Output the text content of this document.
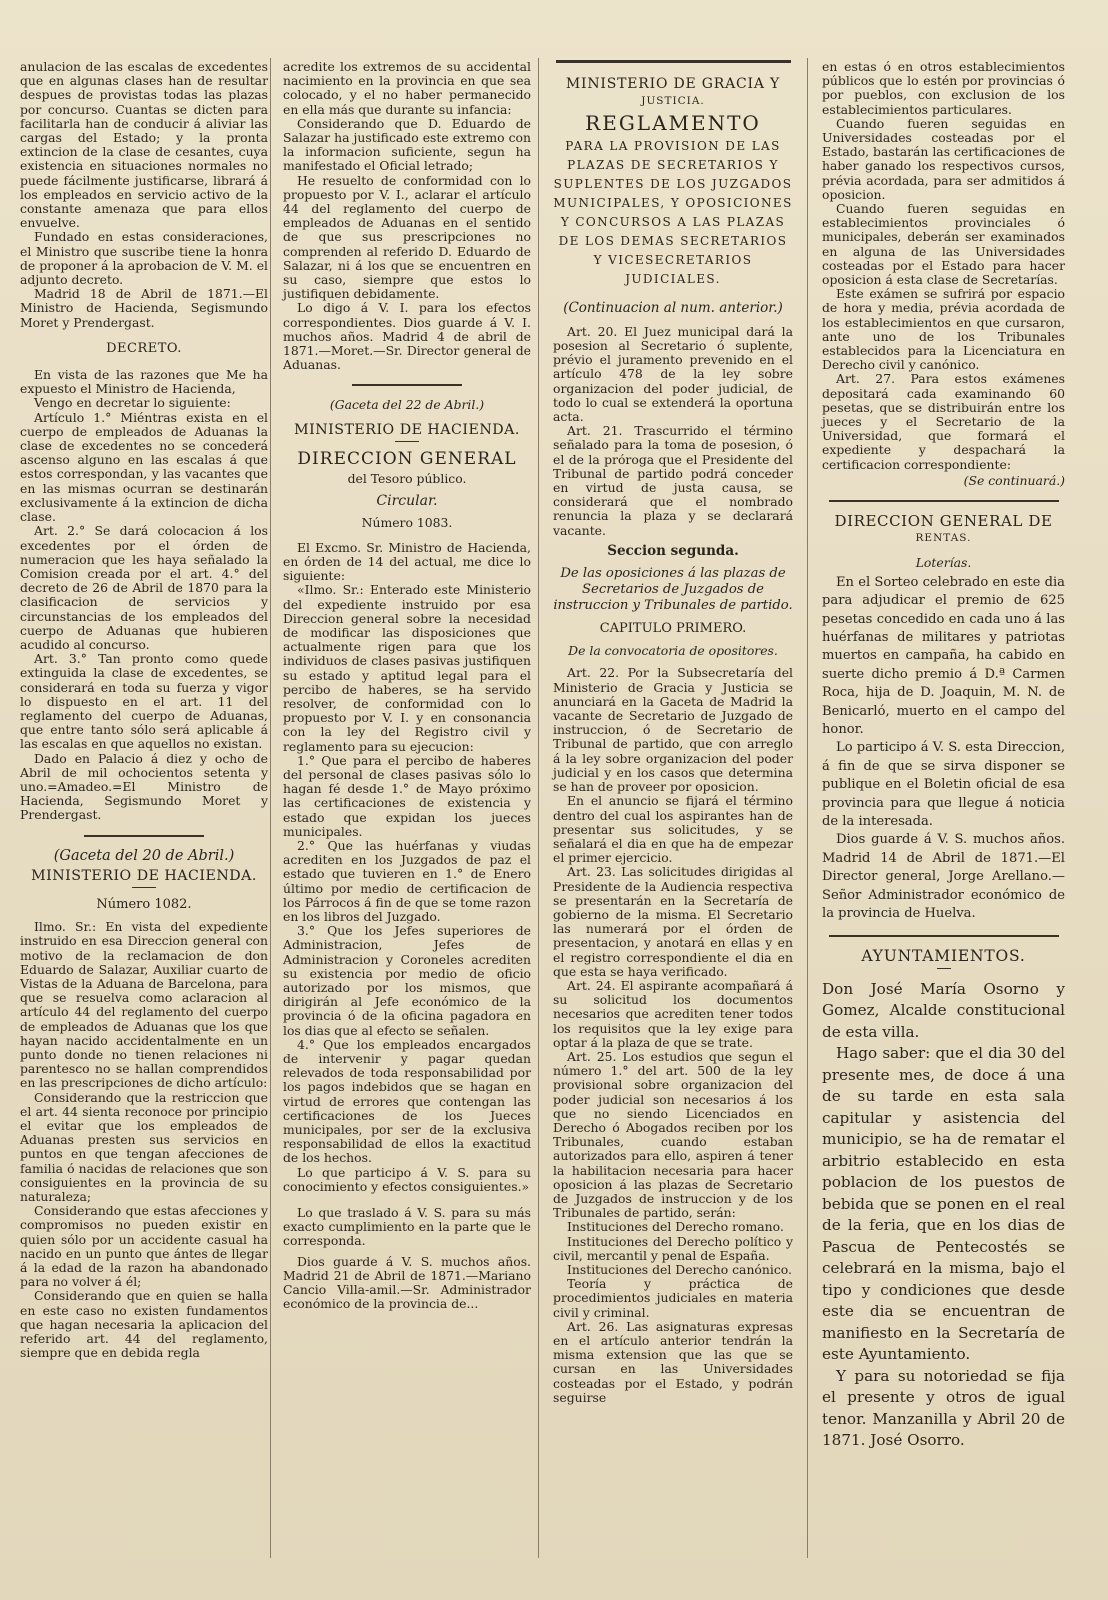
anulacion de las escalas de excedentes que en algunas clases han de resultar despues de provistas todas las plazas por concurso. Cuantas se dicten para facilitarla han de conducir á aliviar las cargas del Estado; y la pronta extincion de la clase de cesantes, cuya existencia en situaciones normales no puede fácilmente justificarse, librará á los empleados en servicio activo de la constante amenaza que para ellos envuelve.

Fundado en estas consideraciones, el Ministro que suscribe tiene la honra de proponer á la aprobacion de V. M. el adjunto decreto.

Madrid 18 de Abril de 1871.—El Ministro de Hacienda, Segismundo Moret y Prendergast.

DECRETO.

En vista de las razones que Me ha expuesto el Ministro de Hacienda,

Vengo en decretar lo siguiente:

Artículo 1.° Miéntras exista en el cuerpo de empleados de Aduanas la clase de excedentes no se concederá ascenso alguno en las escalas á que estos correspondan, y las vacantes que en las mismas ocurran se destinarán exclusivamente á la extincion de dicha clase.

Art. 2.° Se dará colocacion á los excedentes por el órden de numeracion que les haya señalado la Comision creada por el art. 4.° del decreto de 26 de Abril de 1870 para la clasificacion de servicios y circunstancias de los empleados del cuerpo de Aduanas que hubieren acudido al concurso.

Art. 3.° Tan pronto como quede extinguida la clase de excedentes, se considerará en toda su fuerza y vigor lo dispuesto en el art. 11 del reglamento del cuerpo de Aduanas, que entre tanto sólo será aplicable á las escalas en que aquellos no existan.

Dado en Palacio á diez y ocho de Abril de mil ochocientos setenta y uno.=Amadeo.=El Ministro de Hacienda, Segismundo Moret y Prendergast.

(Gaceta del 20 de Abril.)
MINISTERIO DE HACIENDA.
Número 1082.

Ilmo. Sr.: En vista del expediente instruido en esa Direccion general con motivo de la reclamacion de don Eduardo de Salazar, Auxiliar cuarto de Vistas de la Aduana de Barcelona, para que se resuelva como aclaracion al artículo 44 del reglamento del cuerpo de empleados de Aduanas que los que hayan nacido accidentalmente en un punto donde no tienen relaciones ni parentesco no se hallan comprendidos en las prescripciones de dicho artículo:

Considerando que la restriccion que el art. 44 sienta reconoce por principio el evitar que los empleados de Aduanas presten sus servicios en puntos en que tengan afecciones de familia ó nacidas de relaciones que son consiguientes en la provincia de su naturaleza;

Considerando que estas afecciones y compromisos no pueden existir en quien sólo por un accidente casual ha nacido en un punto que ántes de llegar á la edad de la razon ha abandonado para no volver á él;

Considerando que en quien se halla en este caso no existen fundamentos que hagan necesaria la aplicacion del referido art. 44 del reglamento, siempre que en debida regla

acredite los extremos de su accidental nacimiento en la provincia en que sea colocado, y el no haber permanecido en ella más que durante su infancia:

Considerando que D. Eduardo de Salazar ha justificado este extremo con la informacion suficiente, segun ha manifestado el Oficial letrado;

He resuelto de conformidad con lo propuesto por V. I., aclarar el artículo 44 del reglamento del cuerpo de empleados de Aduanas en el sentido de que sus prescripciones no comprenden al referido D. Eduardo de Salazar, ni á los que se encuentren en su caso, siempre que estos lo justifiquen debidamente.

Lo digo á V. I. para los efectos correspondientes. Dios guarde á V. I. muchos años. Madrid 4 de abril de 1871.—Moret.—Sr. Director general de Aduanas.

(Gaceta del 22 de Abril.)
MINISTERIO DE HACIENDA.
DIRECCION GENERAL
del Tesoro público.
Circular.
Número 1083.

El Excmo. Sr. Ministro de Hacienda, en órden de 14 del actual, me dice lo siguiente:

«Ilmo. Sr.: Enterado este Ministerio del expediente instruido por esa Direccion general sobre la necesidad de modificar las disposiciones que actualmente rigen para que los individuos de clases pasivas justifiquen su estado y aptitud legal para el percibo de haberes, se ha servido resolver, de conformidad con lo propuesto por V. I. y en consonancia con la ley del Registro civil y reglamento para su ejecucion:

1.° Que para el percibo de haberes del personal de clases pasivas sólo lo hagan fé desde 1.° de Mayo próximo las certificaciones de existencia y estado que expidan los jueces municipales.

2.° Que las huérfanas y viudas acrediten en los Juzgados de paz el estado que tuvieren en 1.° de Enero último por medio de certificacion de los Párrocos á fin de que se tome razon en los libros del Juzgado.

3.° Que los Jefes superiores de Administracion, Jefes de Administracion y Coroneles acrediten su existencia por medio de oficio autorizado por los mismos, que dirigirán al Jefe económico de la provincia ó de la oficina pagadora en los dias que al efecto se señalen.

4.° Que los empleados encargados de intervenir y pagar quedan relevados de toda responsabilidad por los pagos indebidos que se hagan en virtud de errores que contengan las certificaciones de los Jueces municipales, por ser de la exclusiva responsabilidad de ellos la exactitud de los hechos.

Lo que participo á V. S. para su conocimiento y efectos consiguientes.»

Lo que traslado á V. S. para su más exacto cumplimiento en la parte que le corresponda.

Dios guarde á V. S. muchos años. Madrid 21 de Abril de 1871.—Mariano Cancio Villa-amil.—Sr. Administrador económico de la provincia de...

MINISTERIO DE GRACIA Y
JUSTICIA.
REGLAMENTO
PARA LA PROVISION DE LAS PLAZAS DE SECRETARIOS Y SUPLENTES DE LOS JUZGADOS MUNICIPALES, Y OPOSICIONES Y CONCURSOS A LAS PLAZAS DE LOS DEMAS SECRETARIOS Y VICESECRETARIOS JUDICIALES.
(Continuacion al num. anterior.)

Art. 20. El Juez municipal dará la posesion al Secretario ó suplente, prévio el juramento prevenido en el artículo 478 de la ley sobre organizacion del poder judicial, de todo lo cual se extenderá la oportuna acta.

Art. 21. Trascurrido el término señalado para la toma de posesion, ó el de la próroga que el Presidente del Tribunal de partido podrá conceder en virtud de justa causa, se considerará que el nombrado renuncia la plaza y se declarará vacante.

Seccion segunda.
De las oposiciones á las plazas de Secretarios de Juzgados de instruccion y Tribunales de partido.
CAPITULO PRIMERO.
De la convocatoria de opositores.

Art. 22. Por la Subsecretaría del Ministerio de Gracia y Justicia se anunciará en la Gaceta de Madrid la vacante de Secretario de Juzgado de instruccion, ó de Secretario de Tribunal de partido, que con arreglo á la ley sobre organizacion del poder judicial y en los casos que determina se han de proveer por oposicion.

En el anuncio se fijará el término dentro del cual los aspirantes han de presentar sus solicitudes, y se señalará el dia en que ha de empezar el primer ejercicio.

Art. 23. Las solicitudes dirigidas al Presidente de la Audiencia respectiva se presentarán en la Secretaría de gobierno de la misma. El Secretario las numerará por el órden de presentacion, y anotará en ellas y en el registro correspondiente el dia en que esta se haya verificado.

Art. 24. El aspirante acompañará á su solicitud los documentos necesarios que acrediten tener todos los requisitos que la ley exige para optar á la plaza de que se trate.

Art. 25. Los estudios que segun el número 1.° del art. 500 de la ley provisional sobre organizacion del poder judicial son necesarios á los que no siendo Licenciados en Derecho ó Abogados reciben por los Tribunales, cuando estaban autorizados para ello, aspiren á tener la habilitacion necesaria para hacer oposicion á las plazas de Secretario de Juzgados de instruccion y de los Tribunales de partido, serán:

Instituciones del Derecho romano.

Instituciones del Derecho político y civil, mercantil y penal de España.

Instituciones del Derecho canónico.

Teoría y práctica de procedimientos judiciales en materia civil y criminal.

Art. 26. Las asignaturas expresas en el artículo anterior tendrán la misma extension que las que se cursan en las Universidades costeadas por el Estado, y podrán seguirse

en estas ó en otros establecimientos públicos que lo estén por provincias ó por pueblos, con exclusion de los establecimientos particulares.

Cuando fueren seguidas en Universidades costeadas por el Estado, bastarán las certificaciones de haber ganado los respectivos cursos, prévia acordada, para ser admitidos á oposicion.

Cuando fueren seguidas en establecimientos provinciales ó municipales, deberán ser examinados en alguna de las Universidades costeadas por el Estado para hacer oposicion á esta clase de Secretarías.

Este exámen se sufrirá por espacio de hora y media, prévia acordada de los establecimientos en que cursaron, ante uno de los Tribunales establecidos para la Licenciatura en Derecho civil y canónico.

Art. 27. Para estos exámenes depositará cada examinando 60 pesetas, que se distribuirán entre los jueces y el Secretario de la Universidad, que formará el expediente y despachará la certificacion correspondiente:

(Se continuará.)
DIRECCION GENERAL DE
RENTAS.
Loterías.

En el Sorteo celebrado en este dia para adjudicar el premio de 625 pesetas concedido en cada uno á las huérfanas de militares y patriotas muertos en campaña, ha cabido en suerte dicho premio á D.ª Carmen Roca, hija de D. Joaquin, M. N. de Benicarló, muerto en el campo del honor.

Lo participo á V. S. esta Direccion, á fin de que se sirva disponer se publique en el Boletin oficial de esa provincia para que llegue á noticia de la interesada.

Dios guarde á V. S. muchos años. Madrid 14 de Abril de 1871.—El Director general, Jorge Arellano.—Señor Administrador económico de la provincia de Huelva.

AYUNTAMIENTOS.

Don José María Osorno y Gomez, Alcalde constitucional de esta villa.

Hago saber: que el dia 30 del presente mes, de doce á una de su tarde en esta sala capitular y asistencia del municipio, se ha de rematar el arbitrio establecido en esta poblacion de los puestos de bebida que se ponen en el real de la feria, que en los dias de Pascua de Pentecostés se celebrará en la misma, bajo el tipo y condiciones que desde este dia se encuentran de manifiesto en la Secretaría de este Ayuntamiento.

Y para su notoriedad se fija el presente y otros de igual tenor. Manzanilla y Abril 20 de 1871. José Osorro.
